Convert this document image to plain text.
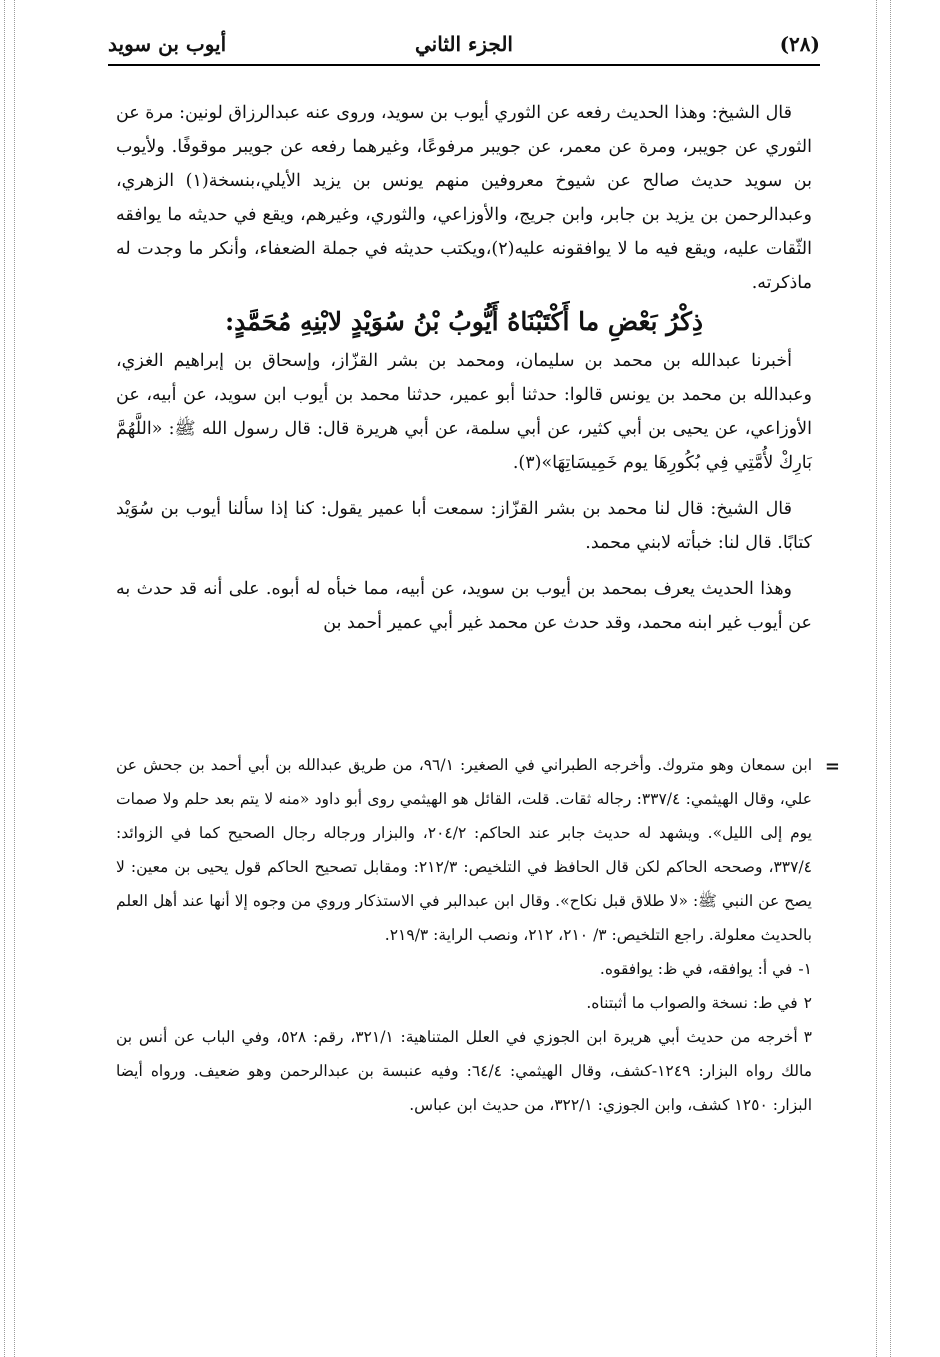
(٢٨)
الجزء الثاني
أيوب بن سويد

قال الشيخ: وهذا الحديث رفعه عن الثوري أيوب بن سويد، وروى عنه عبدالرزاق لونين: مرة عن الثوري عن جويبر، ومرة عن معمر، عن جويبر مرفوعًا، وغيرهما رفعه عن جويبر موقوفًا. ولأيوب بن سويد حديث صالح عن شيوخ معروفين منهم يونس بن يزيد الأيلي،بنسخة(١) الزهري، وعبدالرحمن بن يزيد بن جابر، وابن جريج، والأوزاعي، والثوري، وغيرهم، ويقع في حديثه ما يوافقه الثّقات عليه، ويقع فيه ما لا يوافقونه عليه(٢)،ويكتب حديثه في جملة الضعفاء، وأنكر ما وجدت له ماذكرته.

ذِكْرُ بَعْضِ ما أَكْتَبْنَاهُ أَيُّوبُ بْنُ سُوَيْدٍ لابْنِهِ مُحَمَّدٍ:

أخبرنا عبدالله بن محمد بن سليمان، ومحمد بن بشر القزّاز، وإسحاق بن إبراهيم الغزي، وعبدالله بن محمد بن يونس قالوا: حدثنا أبو عمير، حدثنا محمد بن أيوب ابن سويد، عن أبيه، عن الأوزاعي، عن يحيى بن أبي كثير، عن أبي سلمة، عن أبي هريرة قال: قال رسول الله ﷺ: «اللَّهُمَّ بَارِكْ لأُمَّتِي فِي بُكُورِهَا يوم خَمِيسَاتِهَا»(٣).

قال الشيخ: قال لنا محمد بن بشر القزّاز: سمعت أبا عمير يقول: كنا إذا سألنا أيوب بن سُوَيْد كتابًا. قال لنا: خبأته لابني محمد.

وهذا الحديث يعرف بمحمد بن أيوب بن سويد، عن أبيه، مما خبأه له أبوه. على أنه قد حدث به عن أيوب غير ابنه محمد، وقد حدث عن محمد غير أبي عمير أحمد بن

=
ابن سمعان وهو متروك. وأخرجه الطبراني في الصغير: ٩٦/١، من طريق عبدالله بن أبي أحمد بن جحش عن علي، وقال الهيثمي: ٣٣٧/٤: رجاله ثقات. قلت، القائل هو الهيثمي روى أبو داود «منه لا يتم بعد حلم ولا صمات يوم إلى الليل». ويشهد له حديث جابر عند الحاكم: ٢٠٤/٢، والبزار ورجاله رجال الصحيح كما في الزوائد: ٣٣٧/٤، وصححه الحاكم لكن قال الحافظ في التلخيص: ٢١٢/٣: ومقابل تصحيح الحاكم قول يحيى بن معين: لا يصح عن النبي ﷺ: «لا طلاق قبل نكاح». وقال ابن عبدالبر في الاستذكار وروي من وجوه إلا أنها عند أهل العلم بالحديث معلولة. راجع التلخيص: ٣/ ٢١٠، ٢١٢، ونصب الراية: ٢١٩/٣.

١-في أ: يوافقه، في ظ: يوافقوه.

٢في ط: نسخة والصواب ما أثبتناه.

٣أخرجه من حديث أبي هريرة ابن الجوزي في العلل المتناهية: ٣٢١/١، رقم: ٥٢٨، وفي الباب عن أنس بن مالك رواه البزار: ١٢٤٩-كشف، وقال الهيثمي: ٦٤/٤: وفيه عنبسة بن عبدالرحمن وهو ضعيف. ورواه أيضا البزار: ١٢٥٠ كشف، وابن الجوزي: ٣٢٢/١، من حديث ابن عباس.
